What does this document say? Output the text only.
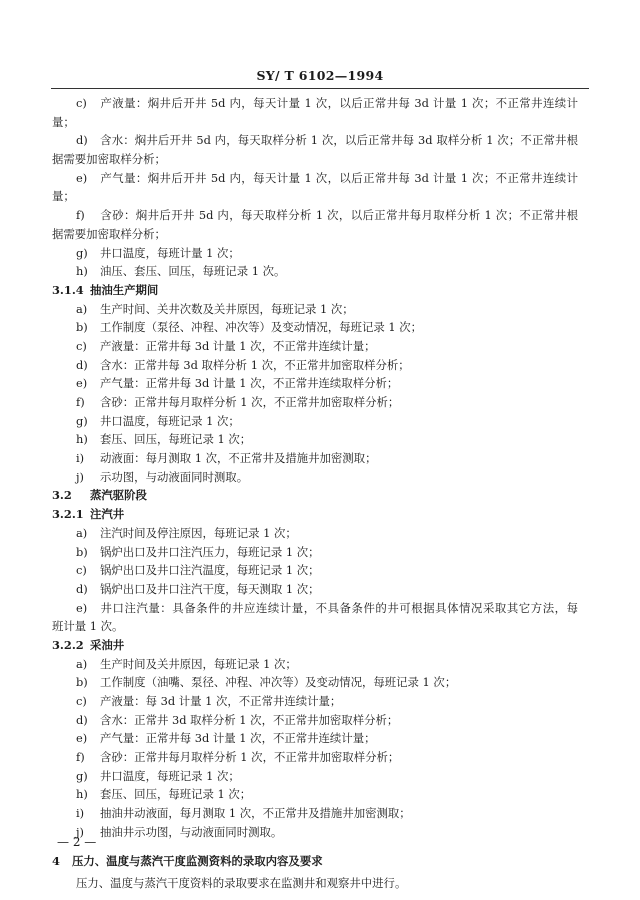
SY/ T 6102—1994
c) 产液量：焖井后开井 5d 内，每天计量 1 次，以后正常井每 3d 计量 1 次；不正常井连续计
量；
d) 含水：焖井后开井 5d 内，每天取样分析 1 次，以后正常井每 3d 取样分析 1 次；不正常井根
据需要加密取样分析；
e) 产气量：焖井后开井 5d 内，每天计量 1 次，以后正常井每 3d 计量 1 次；不正常井连续计
量；
f) 含砂：焖井后开井 5d 内，每天取样分析 1 次，以后正常井每月取样分析 1 次；不正常井根
据需要加密取样分析；
g) 井口温度，每班计量 1 次；
h) 油压、套压、回压，每班记录 1 次。
3.1.4 抽油生产期间
a) 生产时间、关井次数及关井原因，每班记录 1 次；
b) 工作制度（泵径、冲程、冲次等）及变动情况，每班记录 1 次；
c) 产液量：正常井每 3d 计量 1 次，不正常井连续计量；
d) 含水：正常井每 3d 取样分析 1 次，不正常井加密取样分析；
e) 产气量：正常井每 3d 计量 1 次，不正常井连续取样分析；
f) 含砂：正常井每月取样分析 1 次，不正常井加密取样分析；
g) 井口温度，每班记录 1 次；
h) 套压、回压，每班记录 1 次；
i) 动液面：每月测取 1 次，不正常井及措施井加密测取；
j) 示功图，与动液面同时测取。
3.2 蒸汽驱阶段
3.2.1 注汽井
a) 注汽时间及停注原因，每班记录 1 次；
b) 锅炉出口及井口注汽压力，每班记录 1 次；
c) 锅炉出口及井口注汽温度，每班记录 1 次；
d) 锅炉出口及井口注汽干度，每天测取 1 次；
e) 井口注汽量：具备条件的井应连续计量，不具备条件的井可根据具体情况采取其它方法，每
班计量 1 次。
3.2.2 采油井
a) 生产时间及关井原因，每班记录 1 次；
b) 工作制度（油嘴、泵径、冲程、冲次等）及变动情况，每班记录 1 次；
c) 产液量：每 3d 计量 1 次，不正常井连续计量；
d) 含水：正常井 3d 取样分析 1 次，不正常井加密取样分析；
e) 产气量：正常井每 3d 计量 1 次，不正常井连续计量；
f) 含砂：正常井每月取样分析 1 次，不正常井加密取样分析；
g) 井口温度，每班记录 1 次；
h) 套压、回压，每班记录 1 次；
i) 抽油井动液面，每月测取 1 次，不正常井及措施井加密测取；
j) 抽油井示功图，与动液面同时测取。
4 压力、温度与蒸汽干度监测资料的录取内容及要求
压力、温度与蒸汽干度资料的录取要求在监测井和观察井中进行。
— 2 —
